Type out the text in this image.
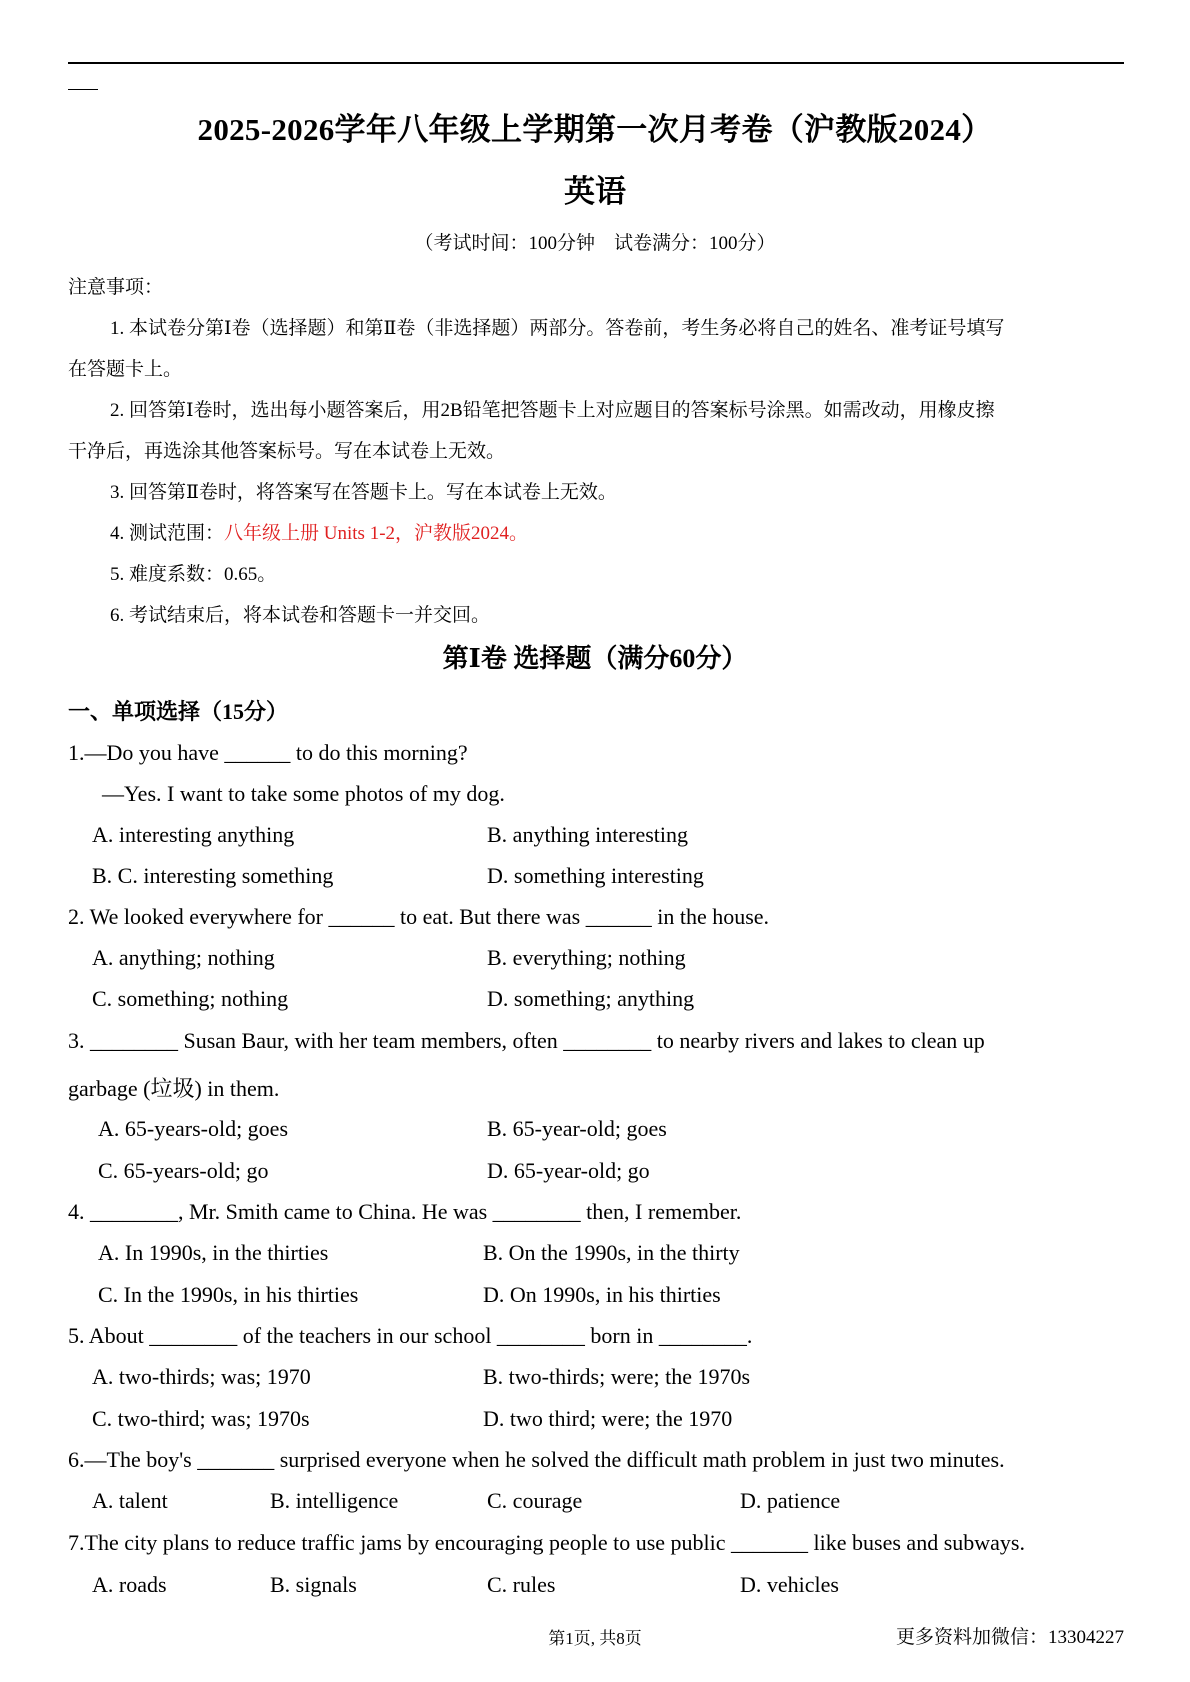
2025-2026学年八年级上学期第一次月考卷（沪教版2024）
英语
（考试时间：100分钟　试卷满分：100分）
注意事项：
1. 本试卷分第Ⅰ卷（选择题）和第Ⅱ卷（非选择题）两部分。答卷前，考生务必将自己的姓名、准考证号填写
在答题卡上。
2. 回答第Ⅰ卷时，选出每小题答案后，用2B铅笔把答题卡上对应题目的答案标号涂黑。如需改动，用橡皮擦
干净后，再选涂其他答案标号。写在本试卷上无效。
3. 回答第Ⅱ卷时，将答案写在答题卡上。写在本试卷上无效。
4. 测试范围：八年级上册 Units 1-2，沪教版2024。
5. 难度系数：0.65。
6. 考试结束后，将本试卷和答题卡一并交回。
第Ⅰ卷 选择题（满分60分）
一、单项选择（15分）
1.—Do you have ______ to do this morning?
—Yes. I want to take some photos of my dog.
A. interesting anything	B. anything interesting
B. C. interesting something	D. something interesting
2. We looked everywhere for ______ to eat. But there was ______ in the house.
A. anything; nothing	B. everything; nothing
C. something; nothing	D. something; anything
3. ________ Susan Baur, with her team members, often ________ to nearby rivers and lakes to clean up
garbage (垃圾) in them.
A. 65-years-old; goes	B. 65-year-old; goes
C. 65-years-old; go	D. 65-year-old; go
4. ________, Mr. Smith came to China. He was ________ then, I remember.
A. In 1990s, in the thirties	B. On the 1990s, in the thirty
C. In the 1990s, in his thirties	D. On 1990s, in his thirties
5. About ________ of the teachers in our school ________ born in ________.
A. two-thirds; was; 1970	B. two-thirds; were; the 1970s
C. two-third; was; 1970s	D. two third; were; the 1970
6.—The boy's _______ surprised everyone when he solved the difficult math problem in just two minutes.
A. talent	B. intelligence	C. courage	D. patience
7.The city plans to reduce traffic jams by encouraging people to use public _______ like buses and subways.
A. roads	B. signals	C. rules	D. vehicles
第1页, 共8页	更多资料加微信：13304227
